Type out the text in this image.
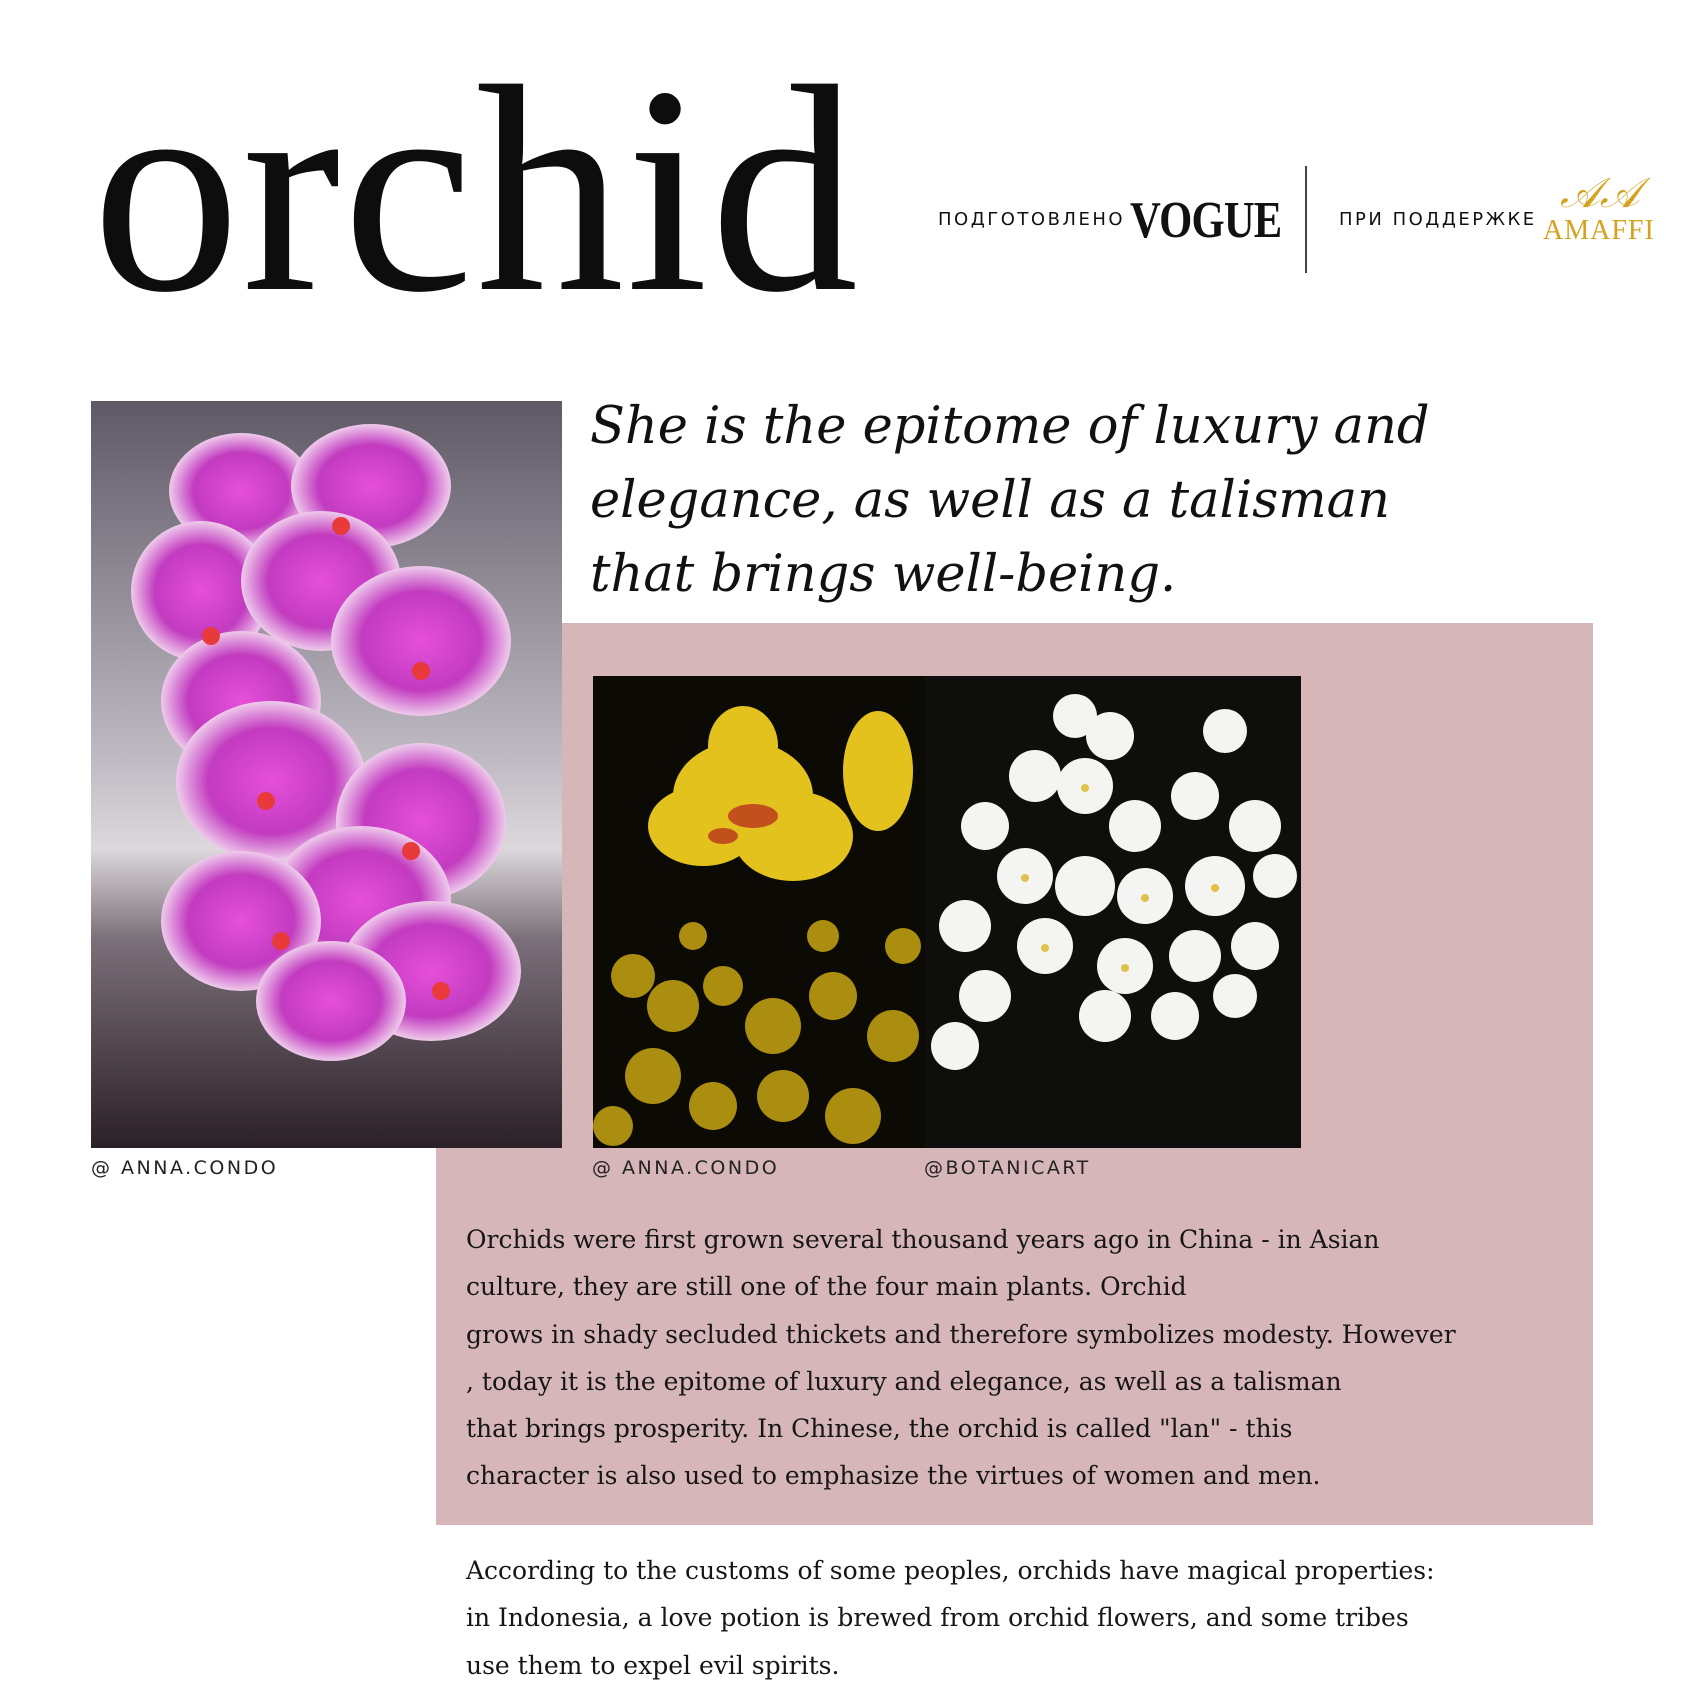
orchid	ПОДГОТОВЛЕНО VOGUE	ПРИ ПОДДЕРЖКЕ
𝒜𝒜
AMAFFI
@ ANNA.CONDO	@ ANNA.CONDO	@BOTANICART
She is the epitome of luxury and
elegance, as well as a talisman
that brings well-being.
Orchids were first grown several thousand years ago in China - in Asian
culture, they are still one of the four main plants. Orchid
grows in shady secluded thickets and therefore symbolizes modesty. However
, today it is the epitome of luxury and elegance, as well as a talisman
that brings prosperity. In Chinese, the orchid is called "lan" - this
character is also used to emphasize the virtues of women and men.
According to the customs of some peoples, orchids have magical properties:
in Indonesia, a love potion is brewed from orchid flowers, and some tribes
use them to expel evil spirits.
